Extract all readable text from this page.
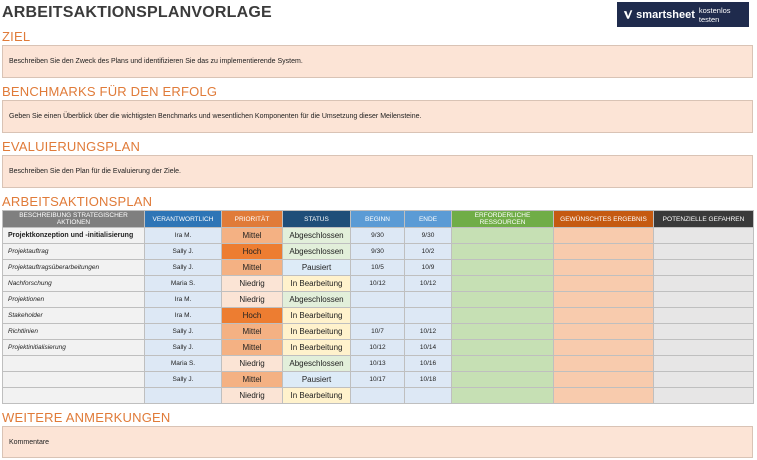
ARBEITSAKTIONSPLANVORLAGE	smartsheet kostenlos testen
ZIEL
Beschreiben Sie den Zweck des Plans und identifizieren Sie das zu implementierende System.
BENCHMARKS FÜR DEN ERFOLG
Geben Sie einen Überblick über die wichtigsten Benchmarks und wesentlichen Komponenten für die Umsetzung dieser Meilensteine.
EVALUIERUNGSPLAN
Beschreiben Sie den Plan für die Evaluierung der Ziele.
ARBEITSAKTIONSPLAN
BESCHREIBUNG STRATEGISCHER AKTIONEN	VERANTWORTLICH	PRIORITÄT	STATUS	BEGINN	ENDE	ERFORDERLICHE RESSOURCEN	GEWÜNSCHTES ERGEBNIS	POTENZIELLE GEFAHREN
Projektkonzeption und -initialisierung	Ira M.	Mittel	Abgeschlossen	9/30	9/30			
Projektauftrag	Sally J.	Hoch	Abgeschlossen	9/30	10/2			
Projektauftragsüberarbeitungen	Sally J.	Mittel	Pausiert	10/5	10/9			
Nachforschung	Maria S.	Niedrig	In Bearbeitung	10/12	10/12			
Projektionen	Ira M.	Niedrig	Abgeschlossen					
Stakeholder	Ira M.	Hoch	In Bearbeitung					
Richtlinien	Sally J.	Mittel	In Bearbeitung	10/7	10/12			
Projektinitialisierung	Sally J.	Mittel	In Bearbeitung	10/12	10/14			
	Maria S.	Niedrig	Abgeschlossen	10/13	10/16			
	Sally J.	Mittel	Pausiert	10/17	10/18			
		Niedrig	In Bearbeitung					
WEITERE ANMERKUNGEN
Kommentare
